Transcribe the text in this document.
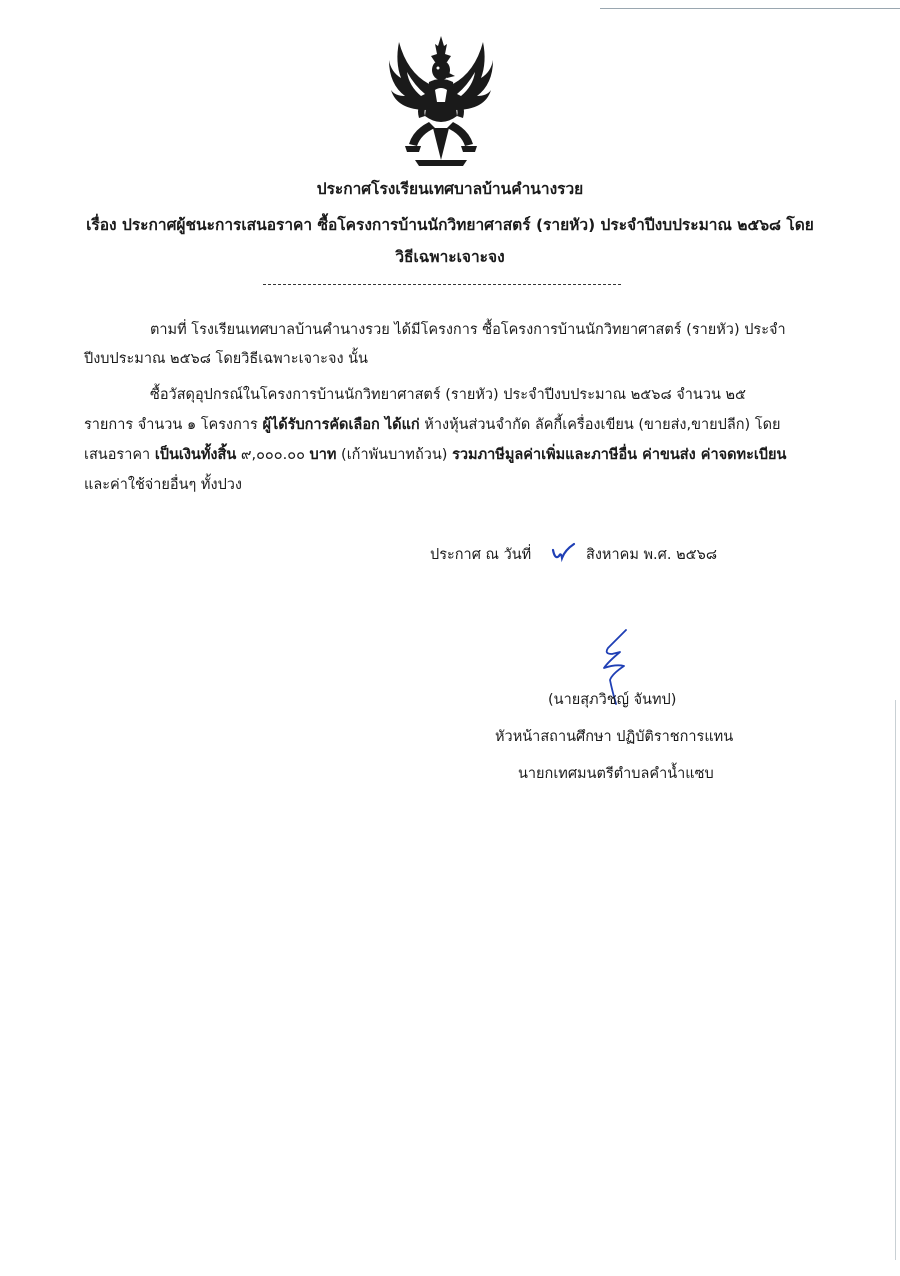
ประกาศโรงเรียนเทศบาลบ้านคำนางรวย
เรื่อง ประกาศผู้ชนะการเสนอราคา ซื้อโครงการบ้านนักวิทยาศาสตร์ (รายหัว) ประจำปีงบประมาณ ๒๕๖๘ โดย
วิธีเฉพาะเจาะจง
ตามที่ โรงเรียนเทศบาลบ้านคำนางรวย ได้มีโครงการ ซื้อโครงการบ้านนักวิทยาศาสตร์ (รายหัว) ประจำ
ปีงบประมาณ ๒๕๖๘ โดยวิธีเฉพาะเจาะจง นั้น
ซื้อวัสดุอุปกรณ์ในโครงการบ้านนักวิทยาศาสตร์ (รายหัว) ประจำปีงบประมาณ ๒๕๖๘ จำนวน ๒๕
รายการ จำนวน ๑ โครงการ ผู้ได้รับการคัดเลือก ได้แก่ ห้างหุ้นส่วนจำกัด ลัคกี้เครื่องเขียน (ขายส่ง,ขายปลีก) โดย
เสนอราคา เป็นเงินทั้งสิ้น ๙,๐๐๐.๐๐ บาท (เก้าพันบาทถ้วน) รวมภาษีมูลค่าเพิ่มและภาษีอื่น ค่าขนส่ง ค่าจดทะเบียน
และค่าใช้จ่ายอื่นๆ ทั้งปวง
ประกาศ ณ วันที่	สิงหาคม พ.ศ. ๒๕๖๘
(นายสุภวิชญ์ จันทป)
หัวหน้าสถานศึกษา ปฏิบัติราชการแทน
นายกเทศมนตรีตำบลคำน้ำแซบ
